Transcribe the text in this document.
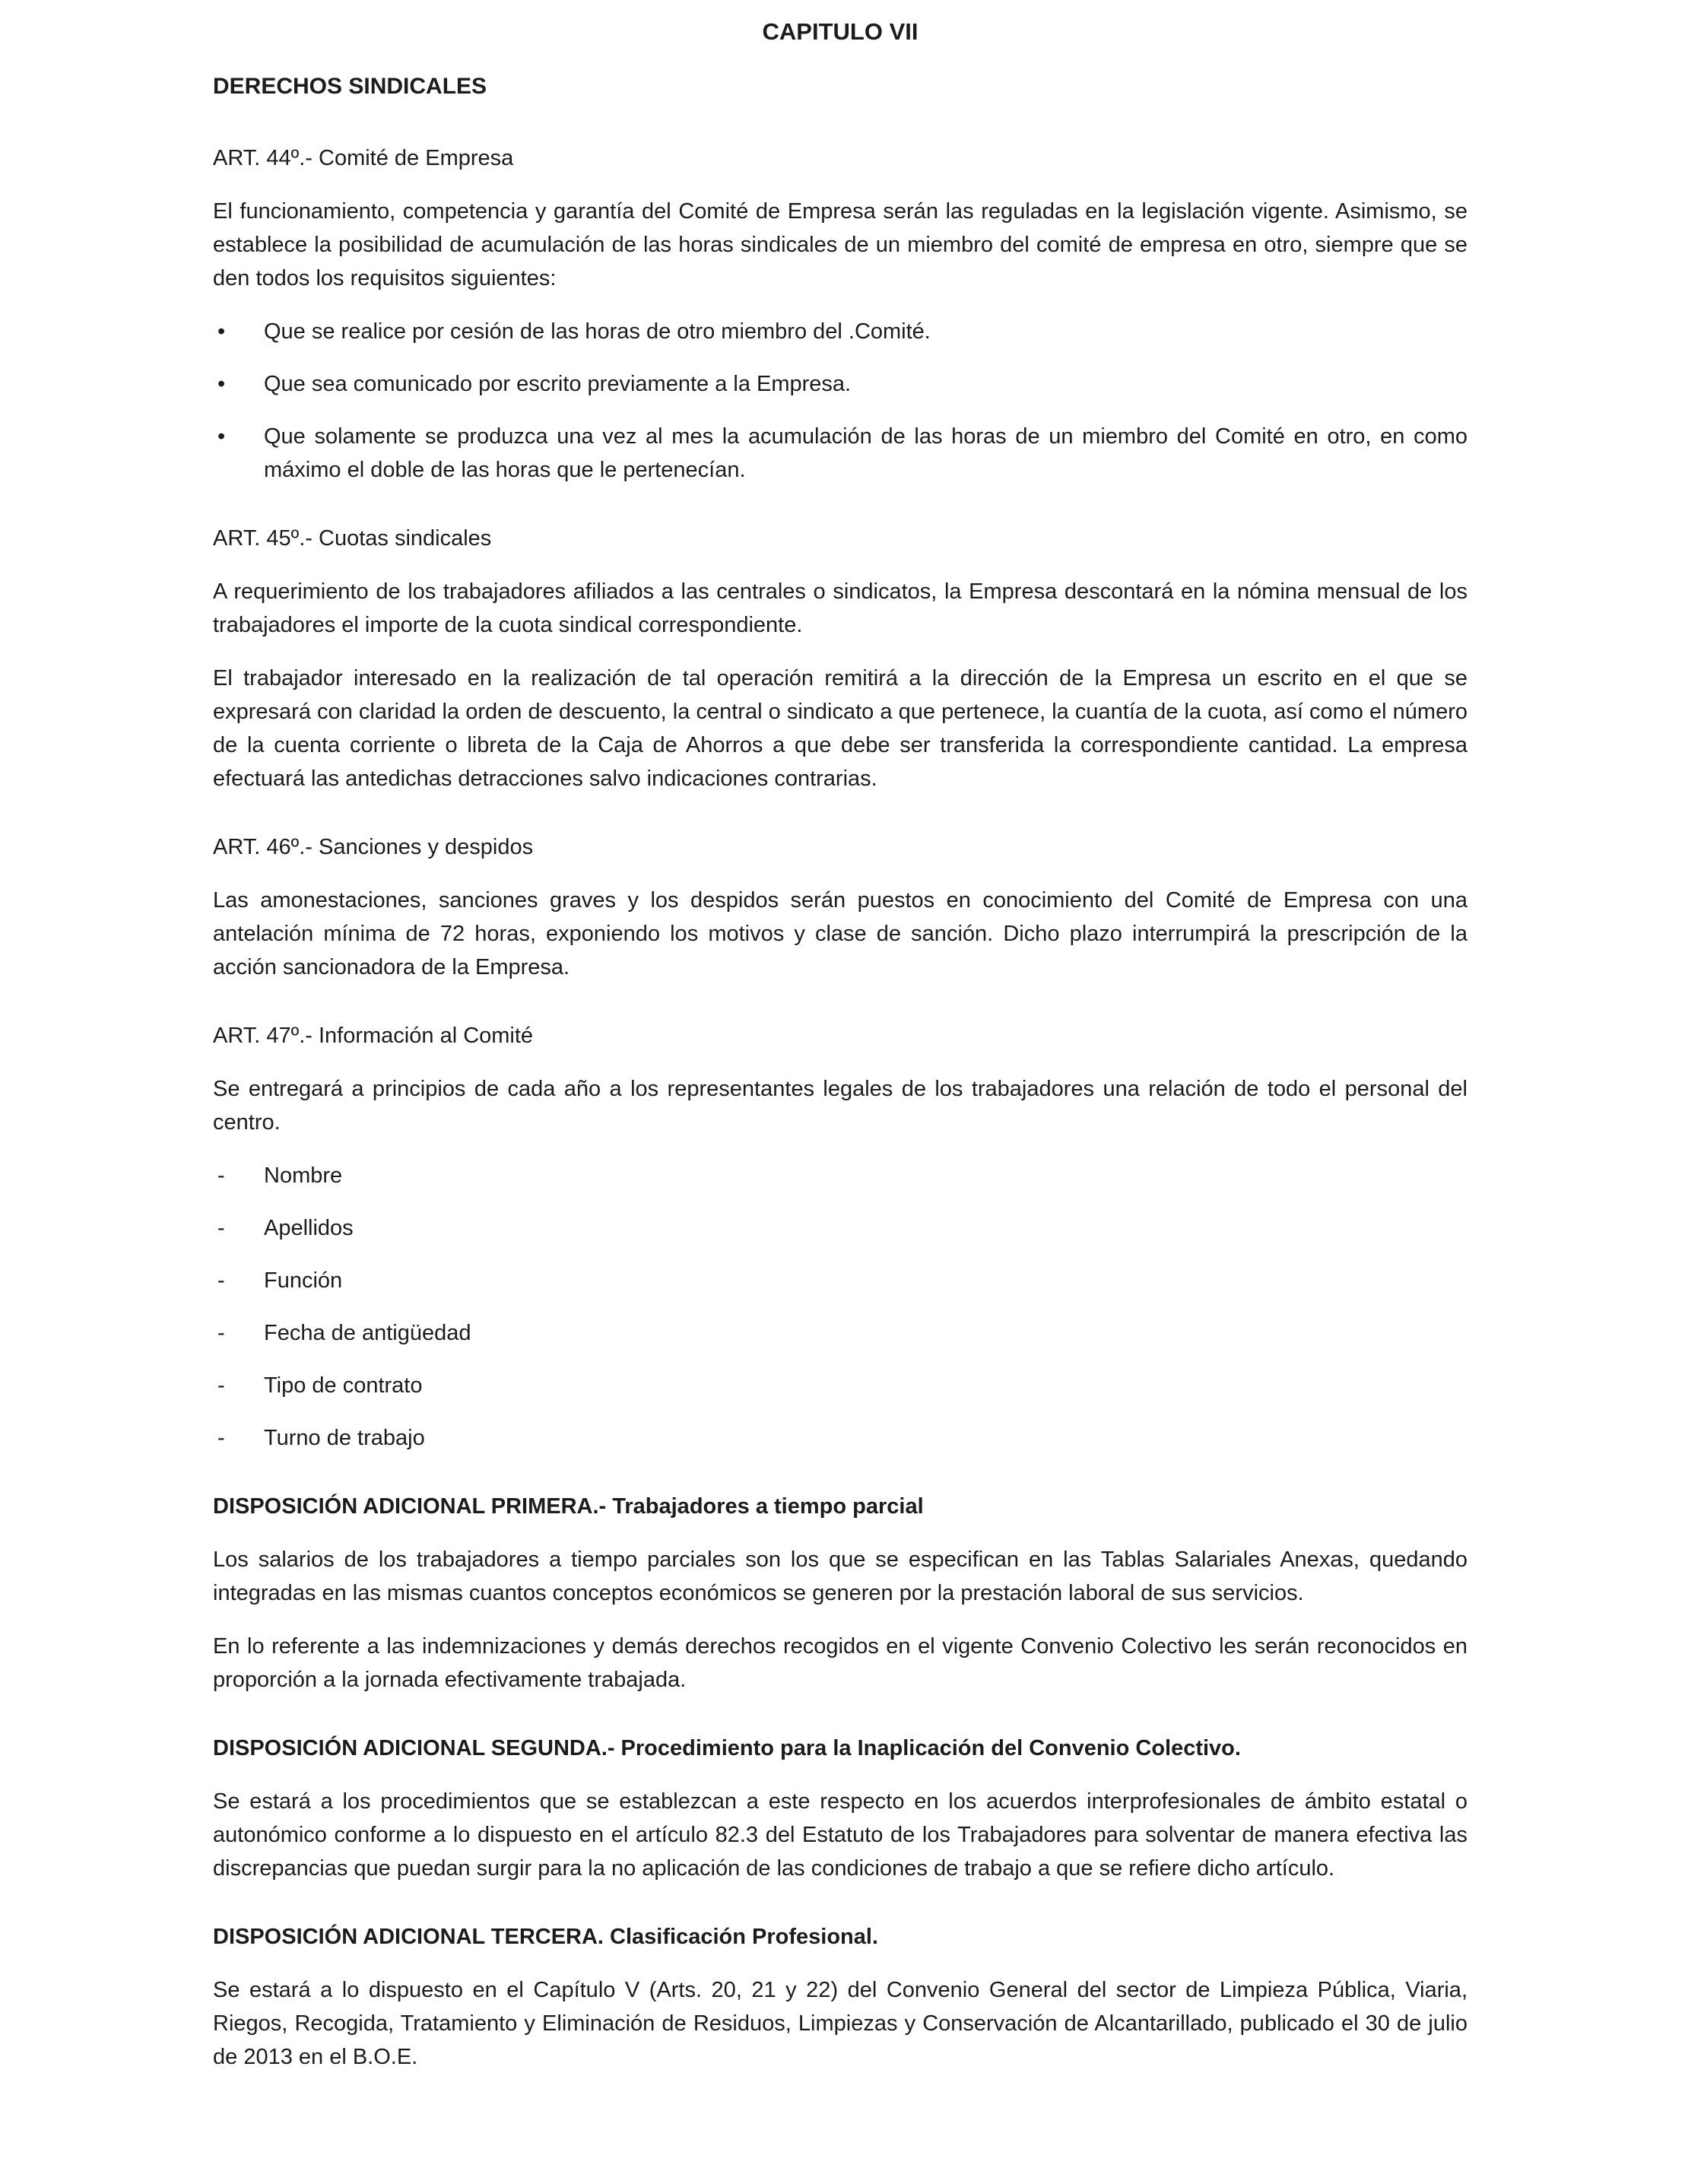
CAPITULO VII
DERECHOS SINDICALES
ART. 44º.- Comité de Empresa

El funcionamiento, competencia y garantía del Comité de Empresa serán las reguladas en la legislación vigente. Asimismo, se establece la posibilidad de acumulación de las horas sindicales de un miembro del comité de empresa en otro, siempre que se den todos los requisitos siguientes:

•	Que se realice por cesión de las horas de otro miembro del .Comité.
•	Que sea comunicado por escrito previamente a la Empresa.
•	Que solamente se produzca una vez al mes la acumulación de las horas de un miembro del Comité en otro, en como máximo el doble de las horas que le pertenecían.
ART. 45º.- Cuotas sindicales

A requerimiento de los trabajadores afiliados a las centrales o sindicatos, la Empresa descontará en la nómina mensual de los trabajadores el importe de la cuota sindical correspondiente.

El trabajador interesado en la realización de tal operación remitirá a la dirección de la Empresa un escrito en el que se expresará con claridad la orden de descuento, la central o sindicato a que pertenece, la cuantía de la cuota, así como el número de la cuenta corriente o libreta de la Caja de Ahorros a que debe ser transferida la correspondiente cantidad. La empresa efectuará las antedichas detracciones salvo indicaciones contrarias.

ART. 46º.- Sanciones y despidos

Las amonestaciones, sanciones graves y los despidos serán puestos en conocimiento del Comité de Empresa con una antelación mínima de 72 horas, exponiendo los motivos y clase de sanción. Dicho plazo interrumpirá la prescripción de la acción sancionadora de la Empresa.

ART. 47º.- Información al Comité

Se entregará a principios de cada año a los representantes legales de los trabajadores una relación de todo el personal del centro.

-	Nombre
-	Apellidos
-	Función
-	Fecha de antigüedad
-	Tipo de contrato
-	Turno de trabajo
DISPOSICIÓN ADICIONAL PRIMERA.- Trabajadores a tiempo parcial

Los salarios de los trabajadores a tiempo parciales son los que se especifican en las Tablas Salariales Anexas, quedando integradas en las mismas cuantos conceptos económicos se generen por la prestación laboral de sus servicios.

En lo referente a las indemnizaciones y demás derechos recogidos en el vigente Convenio Colectivo les serán reconocidos en proporción a la jornada efectivamente trabajada.

DISPOSICIÓN ADICIONAL SEGUNDA.- Procedimiento para la Inaplicación del Convenio Colectivo.

Se estará a los procedimientos que se establezcan a este respecto en los acuerdos interprofesionales de ámbito estatal o autonómico conforme a lo dispuesto en el artículo 82.3 del Estatuto de los Trabajadores para solventar de manera efectiva las discrepancias que puedan surgir para la no aplicación de las condiciones de trabajo a que se refiere dicho artículo.

DISPOSICIÓN ADICIONAL TERCERA. Clasificación Profesional.

Se estará a lo dispuesto en el Capítulo V (Arts. 20, 21 y 22) del Convenio General del sector de Limpieza Pública, Viaria, Riegos, Recogida, Tratamiento y Eliminación de Residuos, Limpiezas y Conservación de Alcantarillado, publicado el 30 de julio de 2013 en el B.O.E.
